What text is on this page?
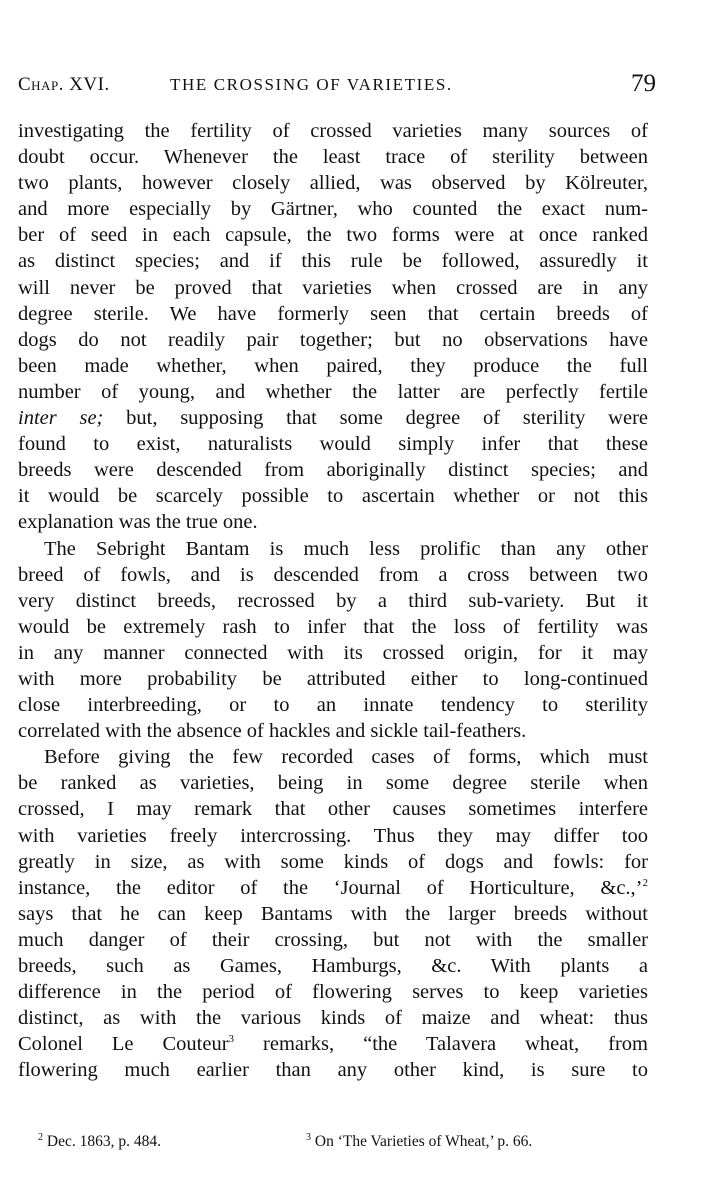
Chap. XVI.	THE CROSSING OF VARIETIES.	79
investigating the fertility of crossed varieties many sources of
doubt occur. Whenever the least trace of sterility between
two plants, however closely allied, was observed by Kölreuter,
and more especially by Gärtner, who counted the exact num-
ber of seed in each capsule, the two forms were at once ranked
as distinct species; and if this rule be followed, assuredly it
will never be proved that varieties when crossed are in any
degree sterile. We have formerly seen that certain breeds of
dogs do not readily pair together; but no observations have
been made whether, when paired, they produce the full
number of young, and whether the latter are perfectly fertile
inter se; but, supposing that some degree of sterility were
found to exist, naturalists would simply infer that these
breeds were descended from aboriginally distinct species; and
it would be scarcely possible to ascertain whether or not this
explanation was the true one.
The Sebright Bantam is much less prolific than any other
breed of fowls, and is descended from a cross between two
very distinct breeds, recrossed by a third sub-variety. But it
would be extremely rash to infer that the loss of fertility was
in any manner connected with its crossed origin, for it may
with more probability be attributed either to long-continued
close interbreeding, or to an innate tendency to sterility
correlated with the absence of hackles and sickle tail-feathers.
Before giving the few recorded cases of forms, which must
be ranked as varieties, being in some degree sterile when
crossed, I may remark that other causes sometimes interfere
with varieties freely intercrossing. Thus they may differ too
greatly in size, as with some kinds of dogs and fowls: for
instance, the editor of the ‘Journal of Horticulture, &c.,’$^2$
says that he can keep Bantams with the larger breeds without
much danger of their crossing, but not with the smaller
breeds, such as Games, Hamburgs, &c. With plants a
difference in the period of flowering serves to keep varieties
distinct, as with the various kinds of maize and wheat: thus
Colonel Le Couteur$^3$ remarks, “the Talavera wheat, from
flowering much earlier than any other kind, is sure to
$^2$ Dec. 1863, p. 484.	$^3$ On ‘The Varieties of Wheat,’ p. 66.
